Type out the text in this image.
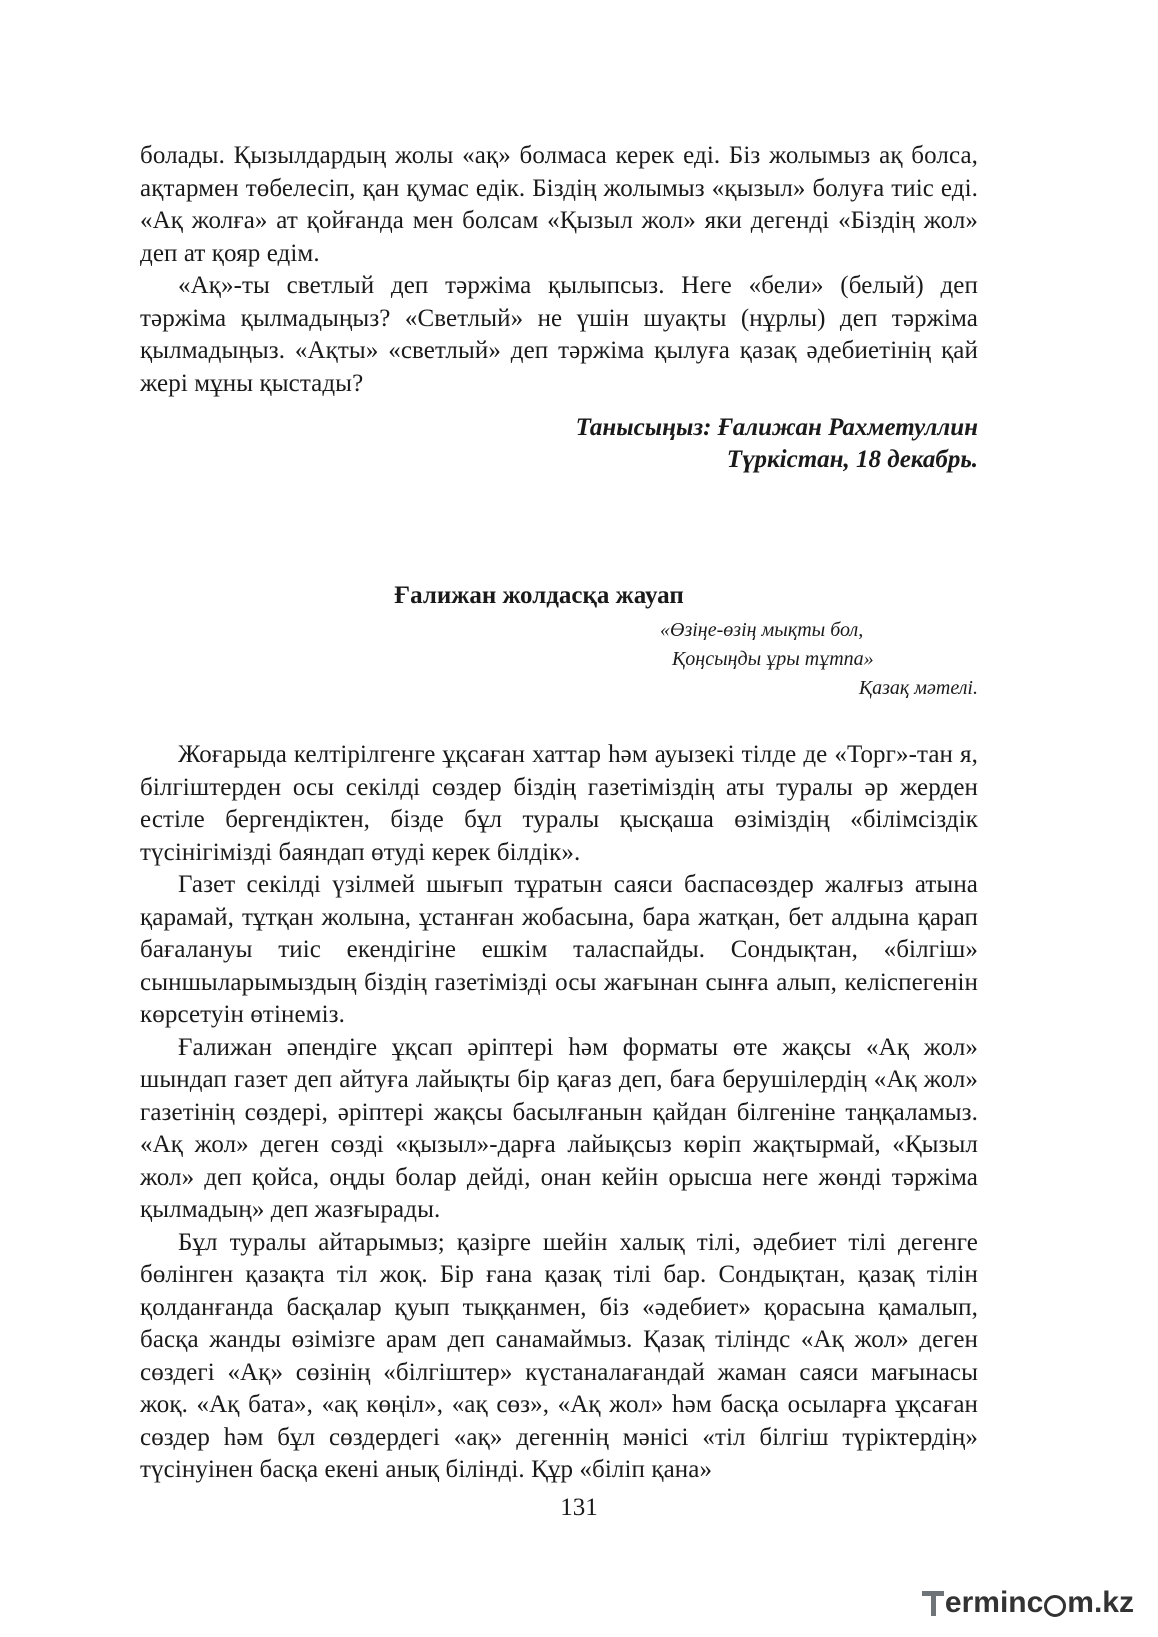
болады. Қызылдардың жолы «ақ» болмаса керек еді. Біз жолымыз ақ болса, ақтармен төбелесіп, қан қумас едік. Біздің жолымыз «қызыл» болуға тиіс еді. «Ақ жолға» ат қойғанда мен болсам «Қызыл жол» яки дегенді «Біздің жол» деп ат қояр едім.

«Ақ»-ты светлый деп тәржіма қылыпсыз. Неге «бели» (белый) деп тәржіма қылмадыңыз? «Светлый» не үшін шуақты (нұрлы) деп тәржіма қылмадыңыз. «Ақты» «светлый» деп тәржіма қылуға қазақ әдебиетінің қай жері мұны қыстады?

Танысыңыз: Ғалижан Рахметуллин
Түркістан, 18 декабрь.
Ғалижан жолдасқа жауап
«Өзіңе-өзің мықты бол,
Қоңсыңды ұры тұтпа»
Қазақ мәтелі.

Жоғарыда келтірілгенге ұқсаған хаттар һәм ауызекі тілде де «Торг»-тан я, білгіштерден осы секілді сөздер біздің газетіміздің аты туралы әр жерден естіле бергендіктен, бізде бұл туралы қысқаша өзіміздің «білімсіздік түсінігімізді баяндап өтуді керек білдік».

Газет секілді үзілмей шығып тұратын саяси баспасөздер жалғыз атына қарамай, тұтқан жолына, ұстанған жобасына, бара жатқан, бет алдына қарап бағалануы тиіс екендігіне ешкім таласпайды. Сондықтан, «білгіш» сыншыларымыздың біздің газетімізді осы жағынан сынға алып, келіспегенін көрсетуін өтінеміз.

Ғалижан әпендіге ұқсап әріптері һәм форматы өте жақсы «Ақ жол» шындап газет деп айтуға лайықты бір қағаз деп, баға берушілердің «Ақ жол» газетінің сөздері, әріптері жақсы басылғанын қайдан білгеніне таңқаламыз. «Ақ жол» деген сөзді «қызыл»-дарға лайықсыз көріп жақтырмай, «Қызыл жол» деп қойса, оңды болар дейді, онан кейін орысша неге жөнді тәржіма қылмадың» деп жазғырады.

Бұл туралы айтарымыз; қазірге шейін халық тілі, әдебиет тілі дегенге бөлінген қазақта тіл жоқ. Бір ғана қазақ тілі бар. Сондықтан, қазақ тілін қолданғанда басқалар қуып тыққанмен, біз «әдебиет» қорасына қамалып, басқа жанды өзімізге арам деп санамаймыз. Қазақ тіліндс «Ақ жол» деген сөздегі «Ақ» сөзінің «білгіштер» күстаналағандай жаман саяси мағынасы жоқ. «Ақ бата», «ақ көңіл», «ақ сөз», «Ақ жол» һәм басқа осыларға ұқсаған сөздер һәм бұл сөздердегі «ақ» дегеннің мәнісі «тіл білгіш түріктердің» түсінуінен басқа екені анық білінді. Құр «біліп қана»

131
ermin c m.kz
